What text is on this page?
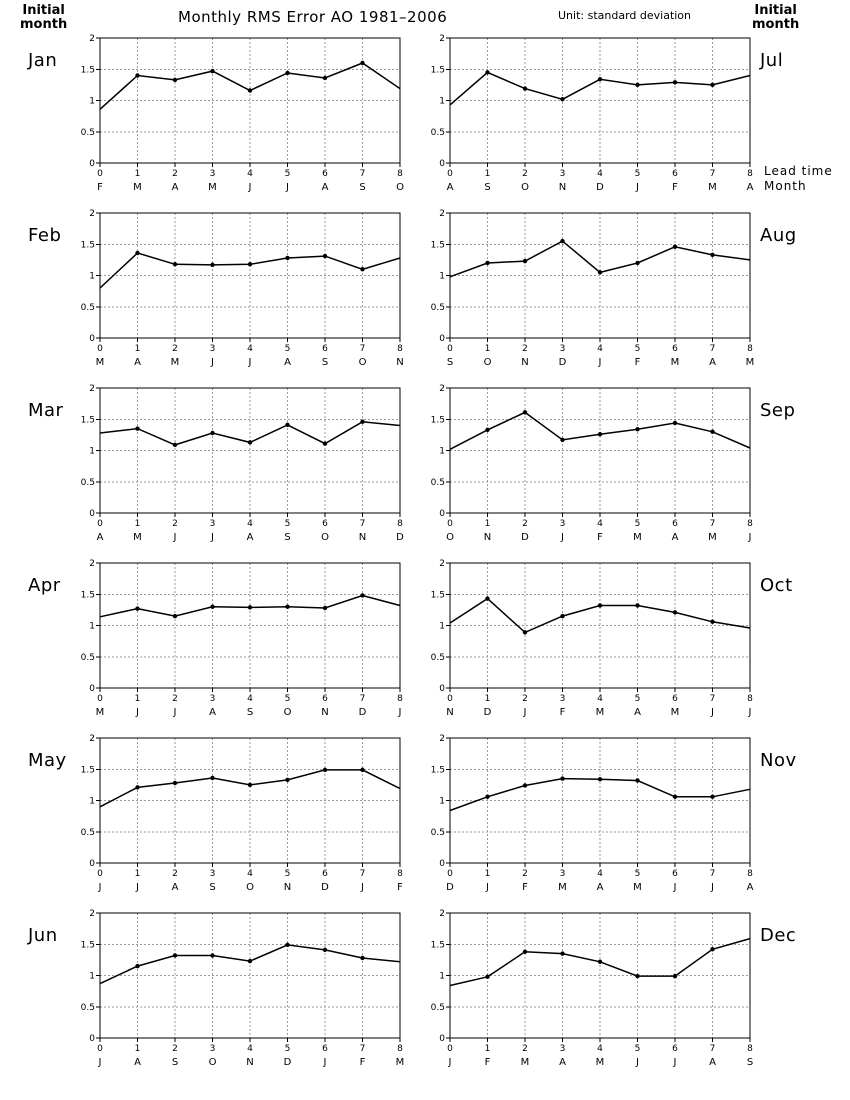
Monthly RMS Error AO 1981–2006	Unit: standard deviation
Initial
month
Initial
month
Lead time
Month
0
0.5
1
1.5
2
0
F
1
M
2
A
3
M
4
J
5
J
6
A
7
S
8
O
Jan
0
0.5
1
1.5
2
0
A
1
S
2
O
3
N
4
D
5
J
6
F
7
M
8
A
Jul
0
0.5
1
1.5
2
0
M
1
A
2
M
3
J
4
J
5
A
6
S
7
O
8
N
Feb
0
0.5
1
1.5
2
0
S
1
O
2
N
3
D
4
J
5
F
6
M
7
A
8
M
Aug
0
0.5
1
1.5
2
0
A
1
M
2
J
3
J
4
A
5
S
6
O
7
N
8
D
Mar
0
0.5
1
1.5
2
0
O
1
N
2
D
3
J
4
F
5
M
6
A
7
M
8
J
Sep
0
0.5
1
1.5
2
0
M
1
J
2
J
3
A
4
S
5
O
6
N
7
D
8
J
Apr
0
0.5
1
1.5
2
0
N
1
D
2
J
3
F
4
M
5
A
6
M
7
J
8
J
Oct
0
0.5
1
1.5
2
0
J
1
J
2
A
3
S
4
O
5
N
6
D
7
J
8
F
May
0
0.5
1
1.5
2
0
D
1
J
2
F
3
M
4
A
5
M
6
J
7
J
8
A
Nov
0
0.5
1
1.5
2
0
J
1
A
2
S
3
O
4
N
5
D
6
J
7
F
8
M
Jun
0
0.5
1
1.5
2
0
J
1
F
2
M
3
A
4
M
5
J
6
J
7
A
8
S
Dec
